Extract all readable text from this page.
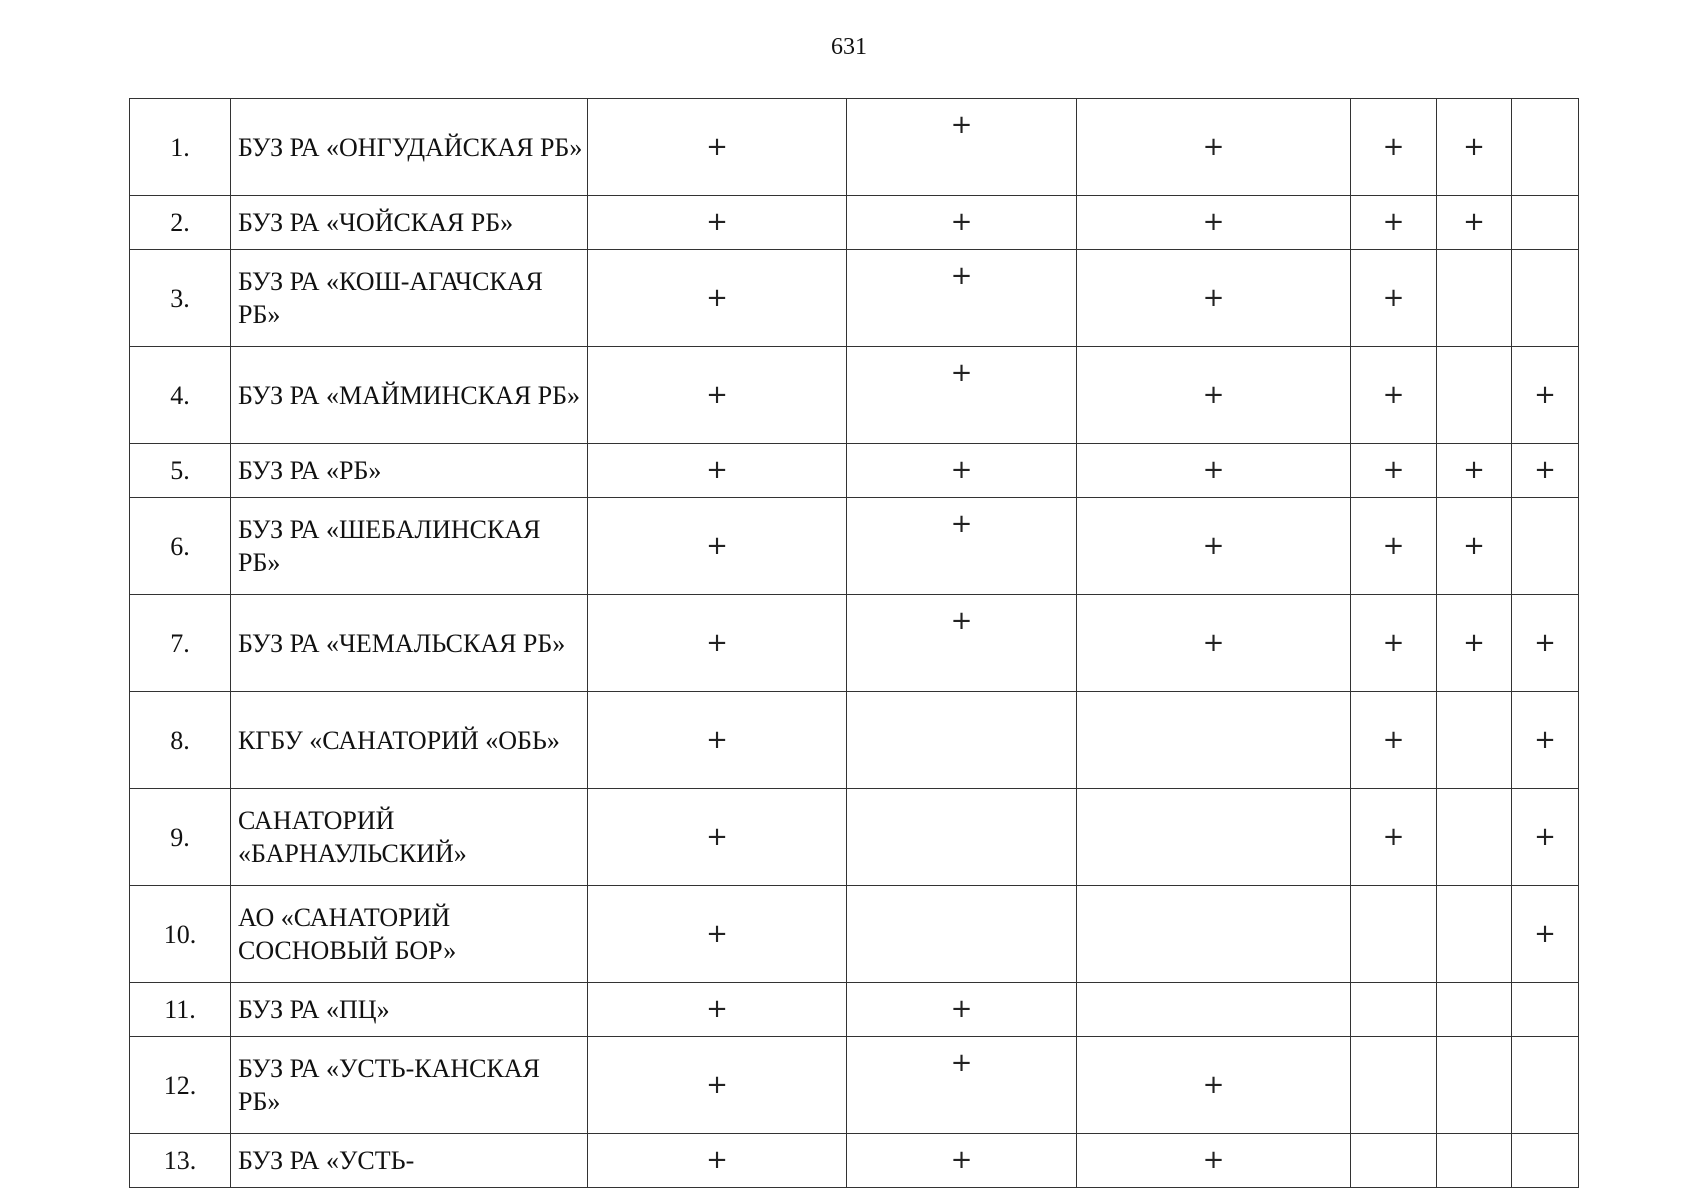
631
1.	БУЗ РА «ОНГУДАЙСКАЯ РБ»	+	+	+	+	+	
2.	БУЗ РА «ЧОЙСКАЯ РБ»	+	+	+	+	+	
3.	БУЗ РА «КОШ-АГАЧСКАЯ РБ»	+	+	+	+		
4.	БУЗ РА «МАЙМИНСКАЯ РБ»	+	+	+	+		+
5.	БУЗ РА «РБ»	+	+	+	+	+	+
6.	БУЗ РА «ШЕБАЛИНСКАЯ РБ»	+	+	+	+	+	
7.	БУЗ РА «ЧЕМАЛЬСКАЯ РБ»	+	+	+	+	+	+
8.	КГБУ «САНАТОРИЙ «ОБЬ»	+			+		+
9.	САНАТОРИЙ «БАРНАУЛЬСКИЙ»	+			+		+
10.	АО «САНАТОРИЙ СОСНОВЫЙ БОР»	+					+
11.	БУЗ РА «ПЦ»	+	+				
12.	БУЗ РА «УСТЬ-КАНСКАЯ РБ»	+	+	+			
13.	БУЗ РА «УСТЬ-	+	+	+			
